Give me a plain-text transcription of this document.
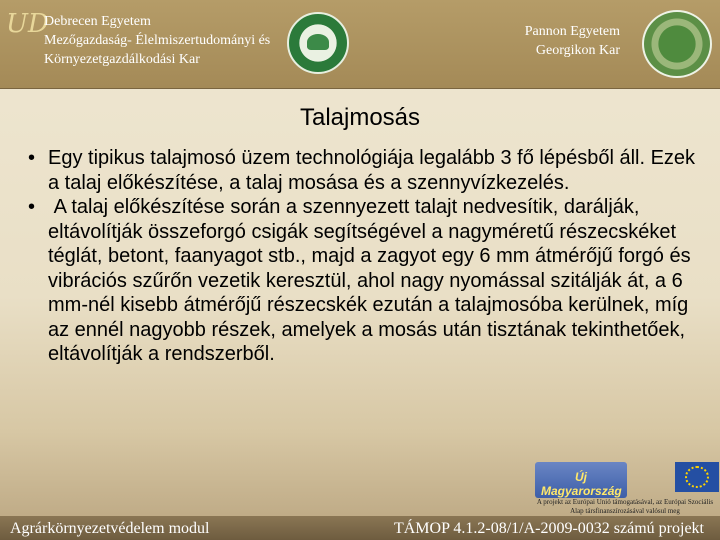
UD
Debrecen Egyetem
Mezőgazdaság- Élelmiszertudományi és
Környezetgazdálkodási Kar
Pannon Egyetem
Georgikon Kar
Talajmosás
• Egy tipikus talajmosó üzem technológiája legalább 3 fő lépésből áll. Ezek a talaj előkészítése, a talaj mosása és a szennyvízkezelés.
• A talaj előkészítése során a szennyezett talajt nedvesítik, darálják, eltávolítják összeforgó csigák segítségével a nagyméretű részecskéket téglát, betont, faanyagot stb., majd a zagyot egy 6 mm átmérőjű forgó és vibrációs szűrőn vezetik keresztül, ahol nagy nyomással szitálják át, a 6 mm-nél kisebb átmérőjű részecskék ezután a talajmosóba kerülnek, míg az ennél nagyobb részek, amelyek a mosás után tisztának tekinthetőek, eltávolítják a rendszerből.
Új Magyarország
A projekt az Európai Unió támogatásával, az Európai Szociális Alap társfinanszírozásával valósul meg
Agrárkörnyezetvédelem modul	TÁMOP 4.1.2-08/1/A-2009-0032 számú projekt
